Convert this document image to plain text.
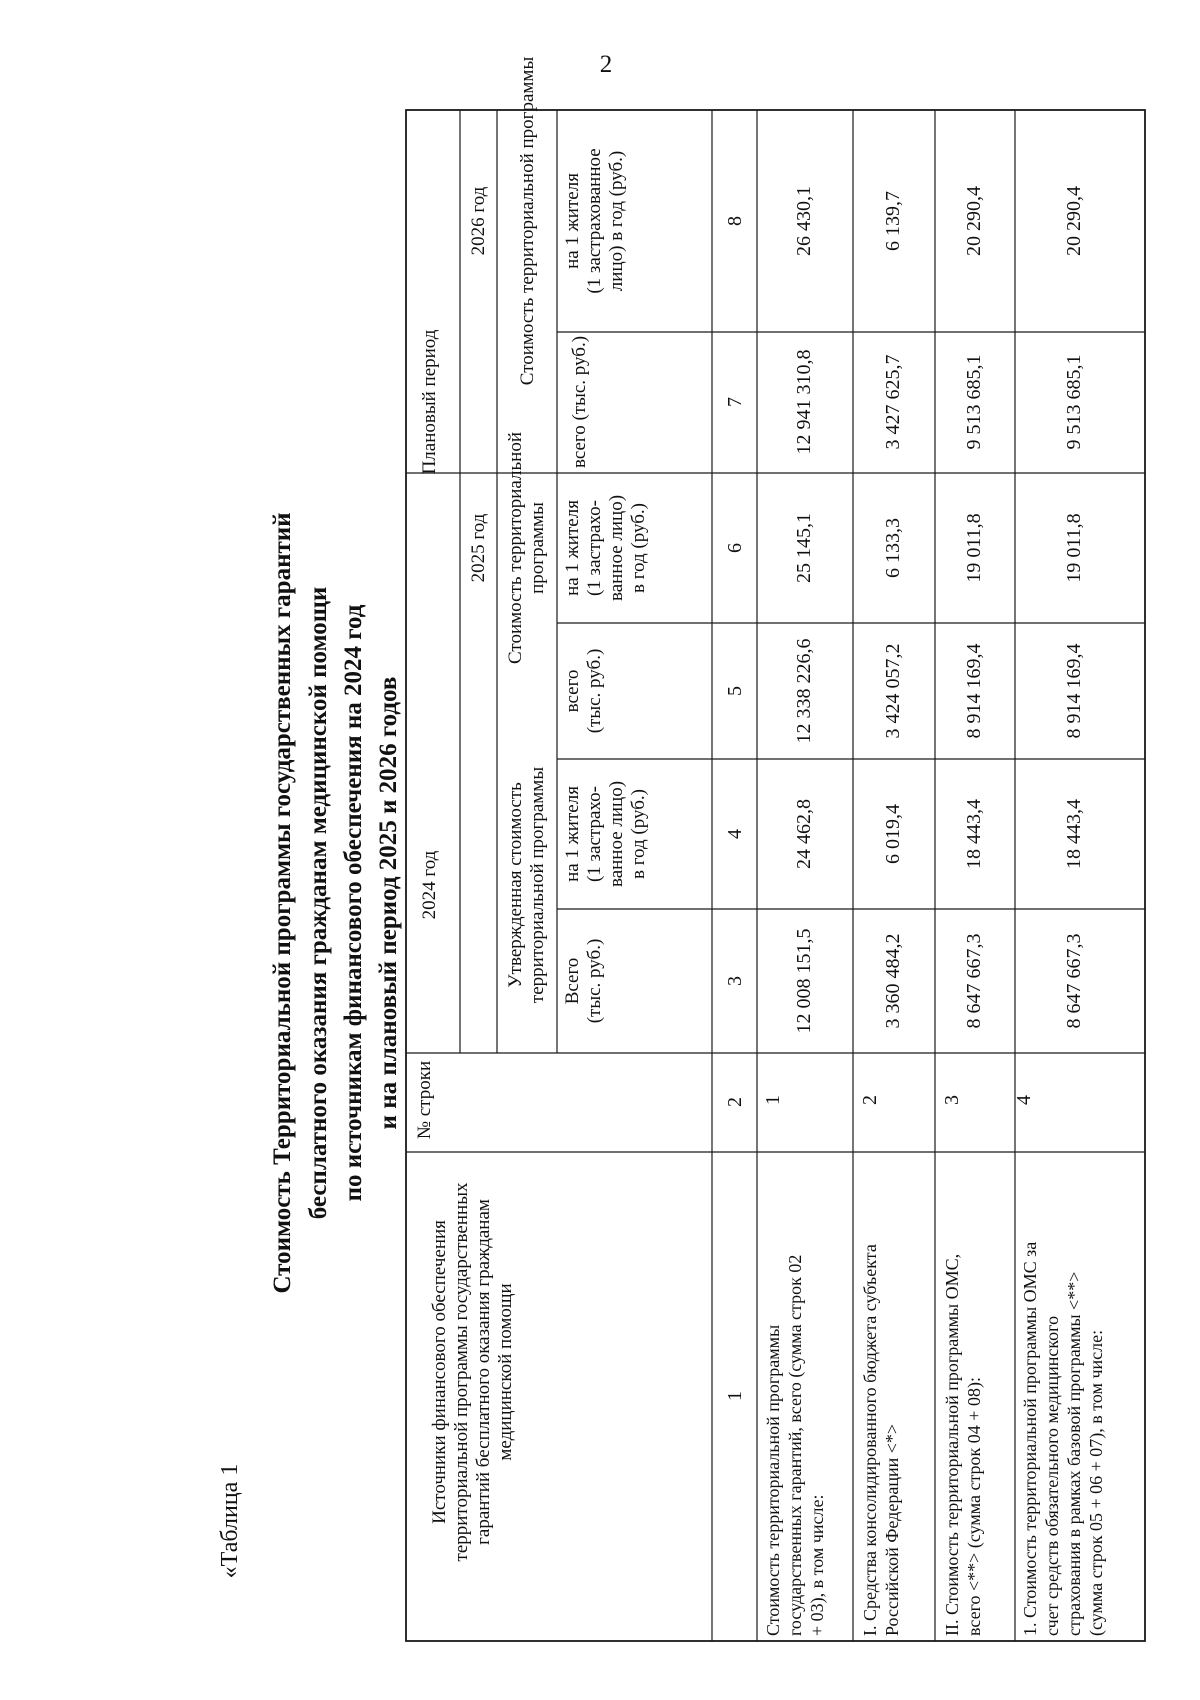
2
«Таблица 1
Стоимость Территориальной программы государственных гарантий бесплатного оказания гражданам медицинской помощи по источникам финансового обеспечения на 2024 год и на плановый период 2025 и 2026 годов
Источники финансового обеспечения территориальной программы государственных гарантий бесплатного оказания гражданам медицинской помощи
№ строки
2024 год
Плановый период
2025 год
2026 год
Утвержденная стоимость территориальной программы
Стоимость территориальной программы
Стоимость территориальной программы
Всего (тыс. руб.)
на 1 жителя (1 застрахо- ванное лицо) в год (руб.)
всего (тыс. руб.)
на 1 жителя (1 застрахо- ванное лицо) в год (руб.)
всего (тыс. руб.)
на 1 жителя (1 застрахованное лицо) в год (руб.)
1
2
3
4
5
6
7
8
Стоимость территориальной программы государственных гарантий, всего (сумма строк 02 + 03), в том числе:
1
12 008 151,5
24 462,8
12 338 226,6
25 145,1
12 941 310,8
26 430,1
I. Средства консолидированного бюджета субъекта Российской Федерации <*>
2
3 360 484,2
6 019,4
3 424 057,2
6 133,3
3 427 625,7
6 139,7
II. Стоимость территориальной программы ОМС, всего <**> (сумма строк 04 + 08):
3
8 647 667,3
18 443,4
8 914 169,4
19 011,8
9 513 685,1
20 290,4
1. Стоимость территориальной программы ОМС за счет средств обязательного медицинского страхования в рамках базовой программы <**> (сумма строк 05 + 06 + 07), в том числе:
4
8 647 667,3
18 443,4
8 914 169,4
19 011,8
9 513 685,1
20 290,4
